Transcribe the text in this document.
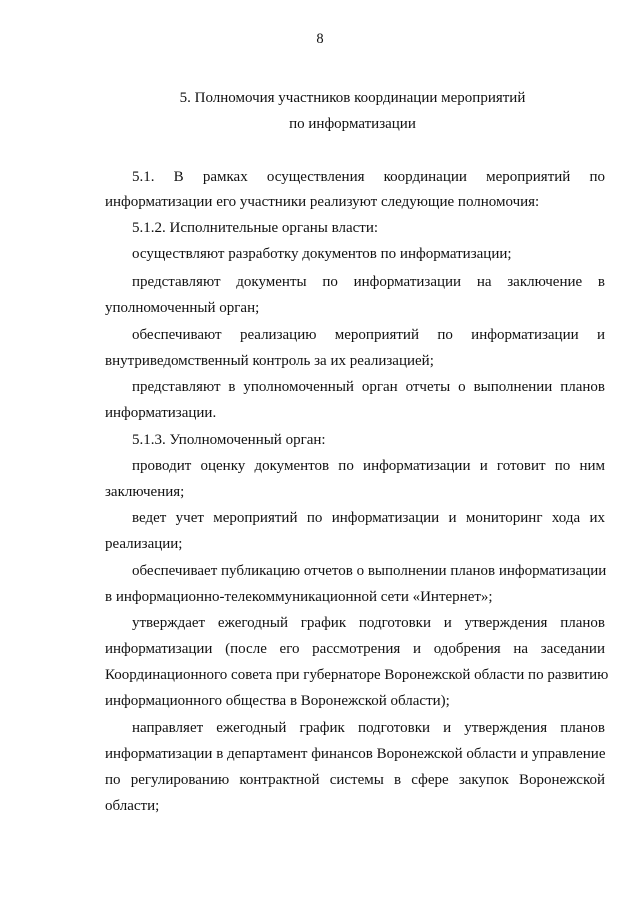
8
5. Полномочия участников координации мероприятий
по информатизации
5.1. В рамках осуществления координации мероприятий по
информатизации его участники реализуют следующие полномочия:
5.1.2. Исполнительные органы власти:
осуществляют разработку документов по информатизации;
представляют документы по информатизации на заключение в
уполномоченный орган;
обеспечивают реализацию мероприятий по информатизации и
внутриведомственный контроль за их реализацией;
представляют в уполномоченный орган отчеты о выполнении планов
информатизации.
5.1.3. Уполномоченный орган:
проводит оценку документов по информатизации и готовит по ним
заключения;
ведет учет мероприятий по информатизации и мониторинг хода их
реализации;
обеспечивает публикацию отчетов о выполнении планов информатизации
в информационно-телекоммуникационной сети «Интернет»;
утверждает ежегодный график подготовки и утверждения планов
информатизации (после его рассмотрения и одобрения на заседании
Координационного совета при губернаторе Воронежской области по развитию
информационного общества в Воронежской области);
направляет ежегодный график подготовки и утверждения планов
информатизации в департамент финансов Воронежской области и управление
по регулированию контрактной системы в сфере закупок Воронежской
области;
